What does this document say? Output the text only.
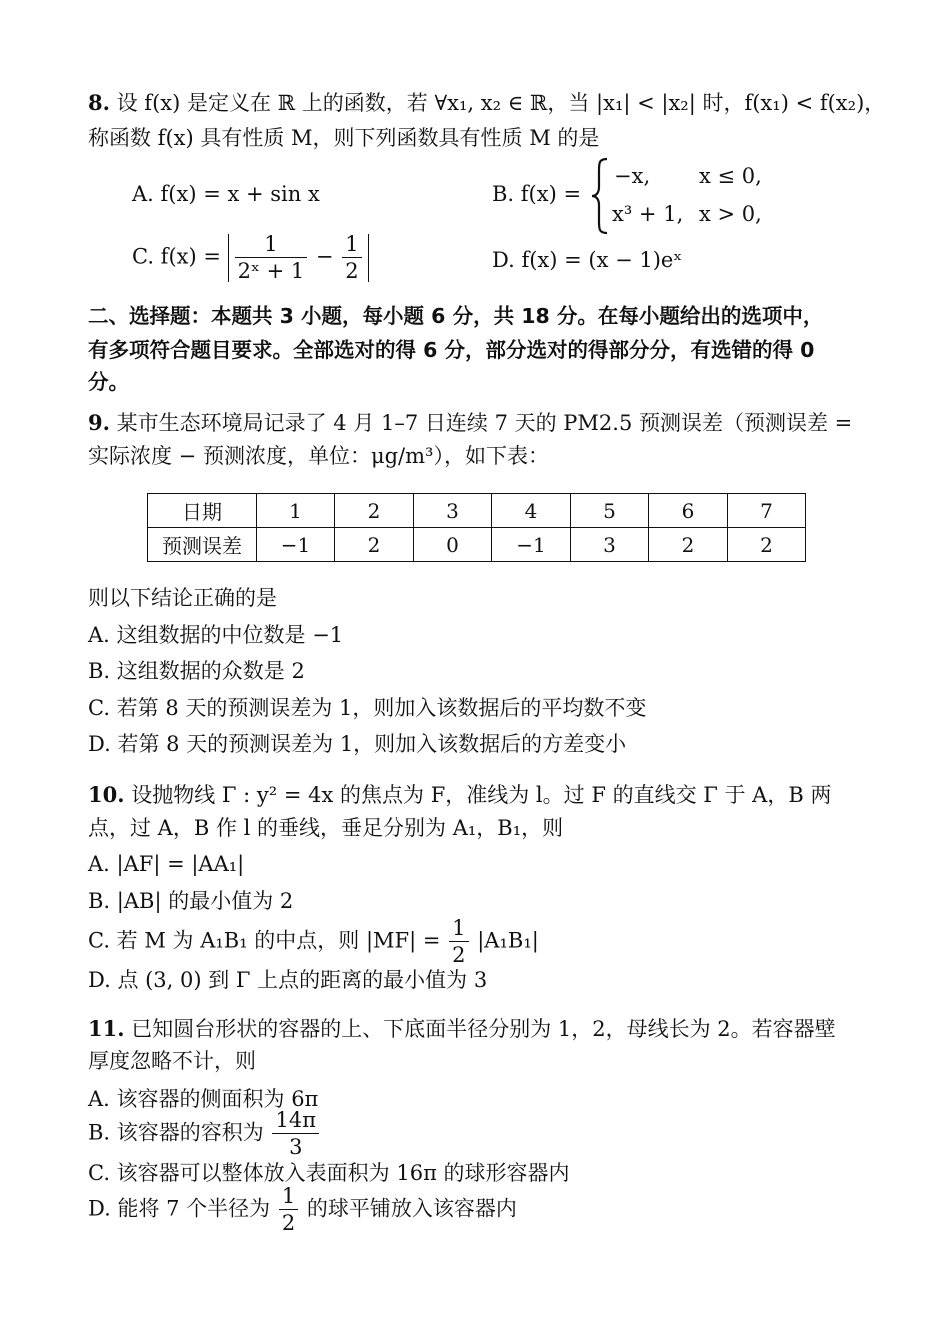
8. 设 f(x) 是定义在 ℝ 上的函数，若 ∀x₁, x₂ ∈ ℝ，当 |x₁| < |x₂| 时，f(x₁) < f(x₂)，
称函数 f(x) 具有性质 M，则下列函数具有性质 M 的是
A. f(x) = x + sin x	B. f(x) =
−x, x ≤ 0,
x³ + 1, x > 0,
C. $f(x) = \frac{1}{\text{2ˣ + 1}} - \frac{1}{2}$	D. f(x) = (x − 1)eˣ
二、选择题：本题共 3 小题，每小题 6 分，共 18 分。在每小题给出的选项中，
有多项符合题目要求。全部选对的得 6 分，部分选对的得部分分，有选错的得 0
分。
9. 某市生态环境局记录了 4 月 1–7 日连续 7 天的 PM2.5 预测误差（预测误差 =
实际浓度 − 预测浓度，单位：μg/m³），如下表：
日期	1	2	3	4	5	6	7
预测误差	−1	2	0	−1	3	2	2
则以下结论正确的是
A. 这组数据的中位数是 −1
B. 这组数据的众数是 2
C. 若第 8 天的预测误差为 1，则加入该数据后的平均数不变
D. 若第 8 天的预测误差为 1，则加入该数据后的方差变小
10. 设抛物线 Γ : y² = 4x 的焦点为 F，准线为 l。过 F 的直线交 Γ 于 A，B 两
点，过 A，B 作 l 的垂线，垂足分别为 A₁，B₁，则
A. |AF| = |AA₁|
B. |AB| 的最小值为 2
C. 若 M 为 A₁B₁ 的中点，则 $|MF| = \frac{1}{2} |A_1B_1|$
D. 点 (3, 0) 到 Γ 上点的距离的最小值为 3
11. 已知圆台形状的容器的上、下底面半径分别为 1，2，母线长为 2。若容器壁
厚度忽略不计，则
A. 该容器的侧面积为 6π
B. 该容器的容积为 $\frac{14\pi}{3}$
C. 该容器可以整体放入表面积为 16π 的球形容器内
D. 能将 7 个半径为 $\frac{1}{2}$ 的球平铺放入该容器内
